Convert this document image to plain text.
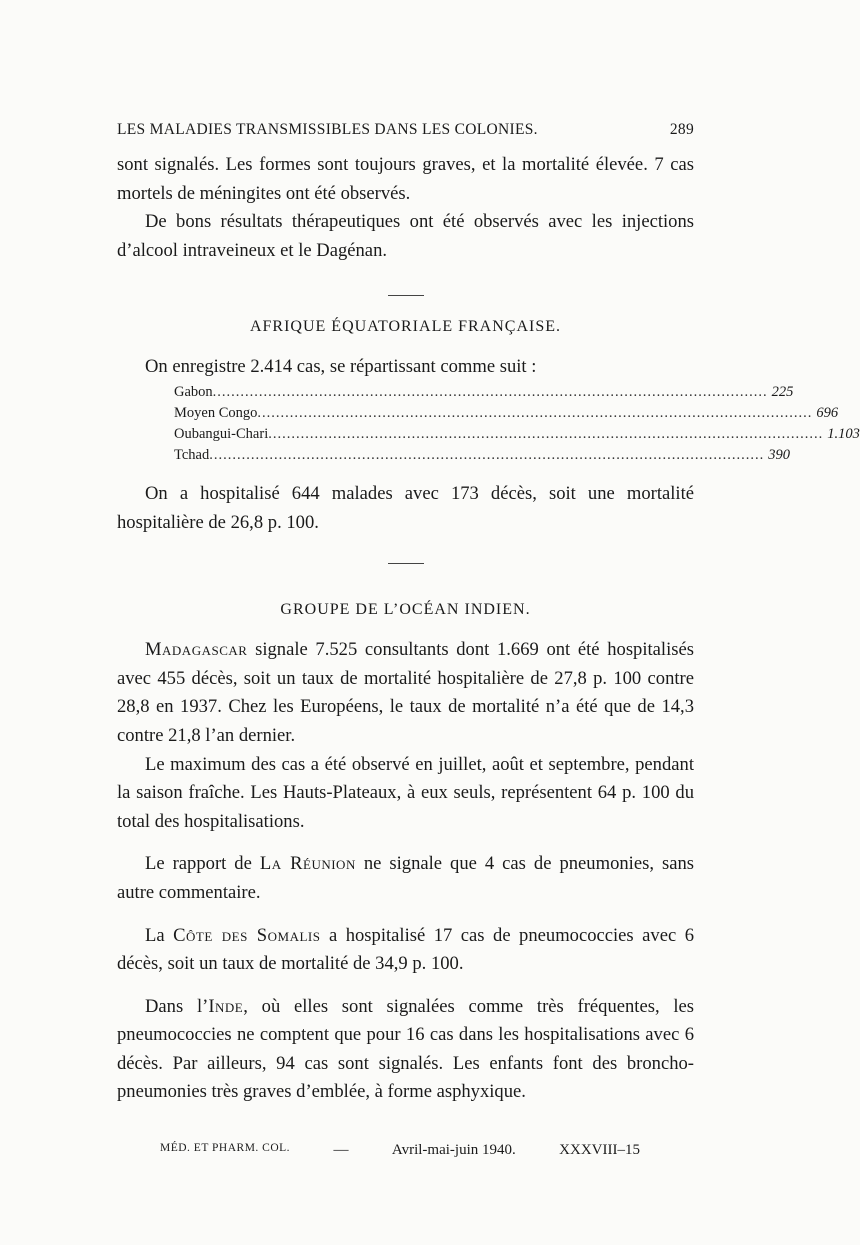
LES MALADIES TRANSMISSIBLES DANS LES COLONIES.	289

sont signalés. Les formes sont toujours graves, et la mortalité élevée. 7 cas mortels de méningites ont été observés.

De bons résultats thérapeutiques ont été observés avec les injections d’alcool intraveineux et le Dagénan.

AFRIQUE ÉQUATORIALE FRANÇAISE.

On enregistre 2.414 cas, se répartissant comme suit :

Gabon ........................................................................................................................ 225
Moyen Congo ........................................................................................................................ 696
Oubangui-Chari ........................................................................................................................ 1.103
Tchad ........................................................................................................................ 390

On a hospitalisé 644 malades avec 173 décès, soit une mortalité hospitalière de 26,8 p. 100.

GROUPE DE L’OCÉAN INDIEN.

Madagascar signale 7.525 consultants dont 1.669 ont été hospitalisés avec 455 décès, soit un taux de mortalité hospitalière de 27,8 p. 100 contre 28,8 en 1937. Chez les Européens, le taux de mortalité n’a été que de 14,3 contre 21,8 l’an dernier.

Le maximum des cas a été observé en juillet, août et septembre, pendant la saison fraîche. Les Hauts-Plateaux, à eux seuls, représentent 64 p. 100 du total des hospitalisations.

Le rapport de La Réunion ne signale que 4 cas de pneumonies, sans autre commentaire.

La Côte des Somalis a hospitalisé 17 cas de pneumococcies avec 6 décès, soit un taux de mortalité de 34,9 p. 100.

Dans l’Inde, où elles sont signalées comme très fréquentes, les pneumococcies ne comptent que pour 16 cas dans les hospitalisations avec 6 décès. Par ailleurs, 94 cas sont signalés. Les enfants font des broncho-pneumonies très graves d’emblée, à forme asphyxique.

MÉD. ET PHARM. COL.	—	Avril-mai-juin 1940.	XXXVIII–15
